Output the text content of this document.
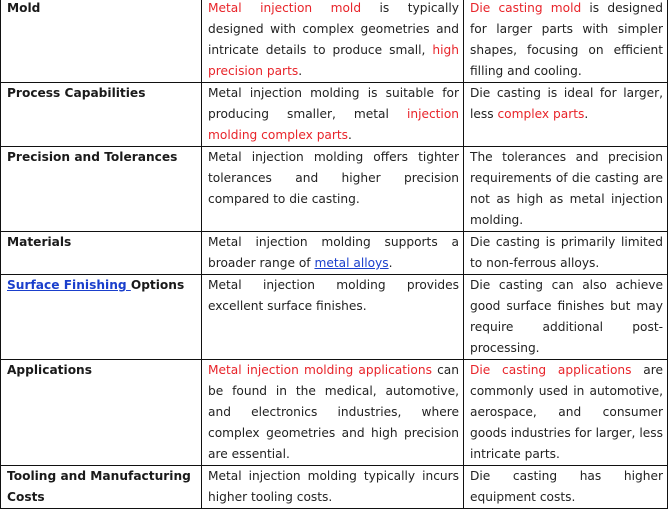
Mold	Metal injection mold is typically designed with complex geometries and intricate details to produce small, high precision parts.	Die casting mold is designed for larger parts with simpler shapes, focusing on efficient filling and cooling.
Process Capabilities	Metal injection molding is suitable for producing smaller, metal injection molding complex parts.	Die casting is ideal for larger, less complex parts.
Precision and Tolerances	Metal injection molding offers tighter tolerances and higher precision compared to die casting.	The tolerances and precision requirements of die casting are not as high as metal injection molding.
Materials	Metal injection molding supports a broader range of metal alloys.	Die casting is primarily limited to non-ferrous alloys.
Surface Finishing Options	Metal injection molding provides excellent surface finishes.	Die casting can also achieve good surface finishes but may require additional post-processing.
Applications	Metal injection molding applications can be found in the medical, automotive, and electronics industries, where complex geometries and high precision are essential.	Die casting applications are commonly used in automotive, aerospace, and consumer goods industries for larger, less intricate parts.
Tooling and Manufacturing Costs	Metal injection molding typically incurs higher tooling costs.	Die casting has higher equipment costs.
